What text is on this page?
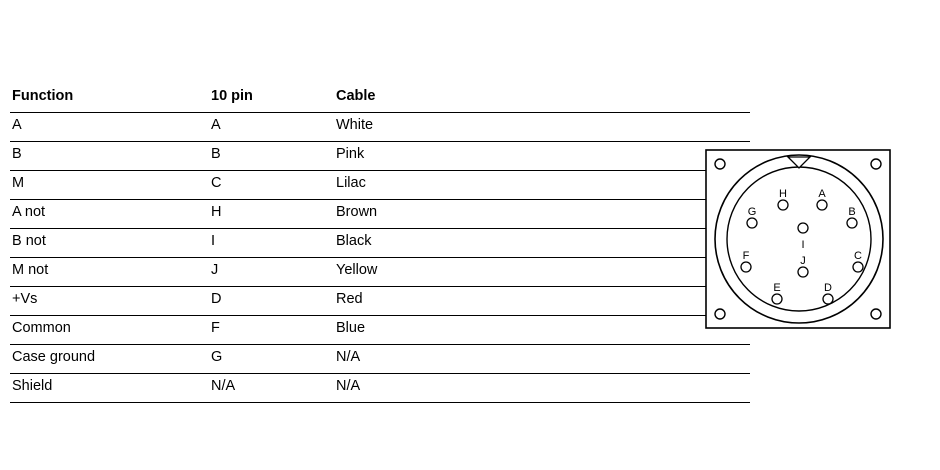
Function	10 pin	Cable
A	A	White
B	B	Pink
M	C	Lilac
A not	H	Brown
B not	I	Black
M not	J	Yellow
+Vs	D	Red
Common	F	Blue
Case ground	G	N/A
Shield	N/A	N/A
H	A
G	B
I
F	C
J
E	D
